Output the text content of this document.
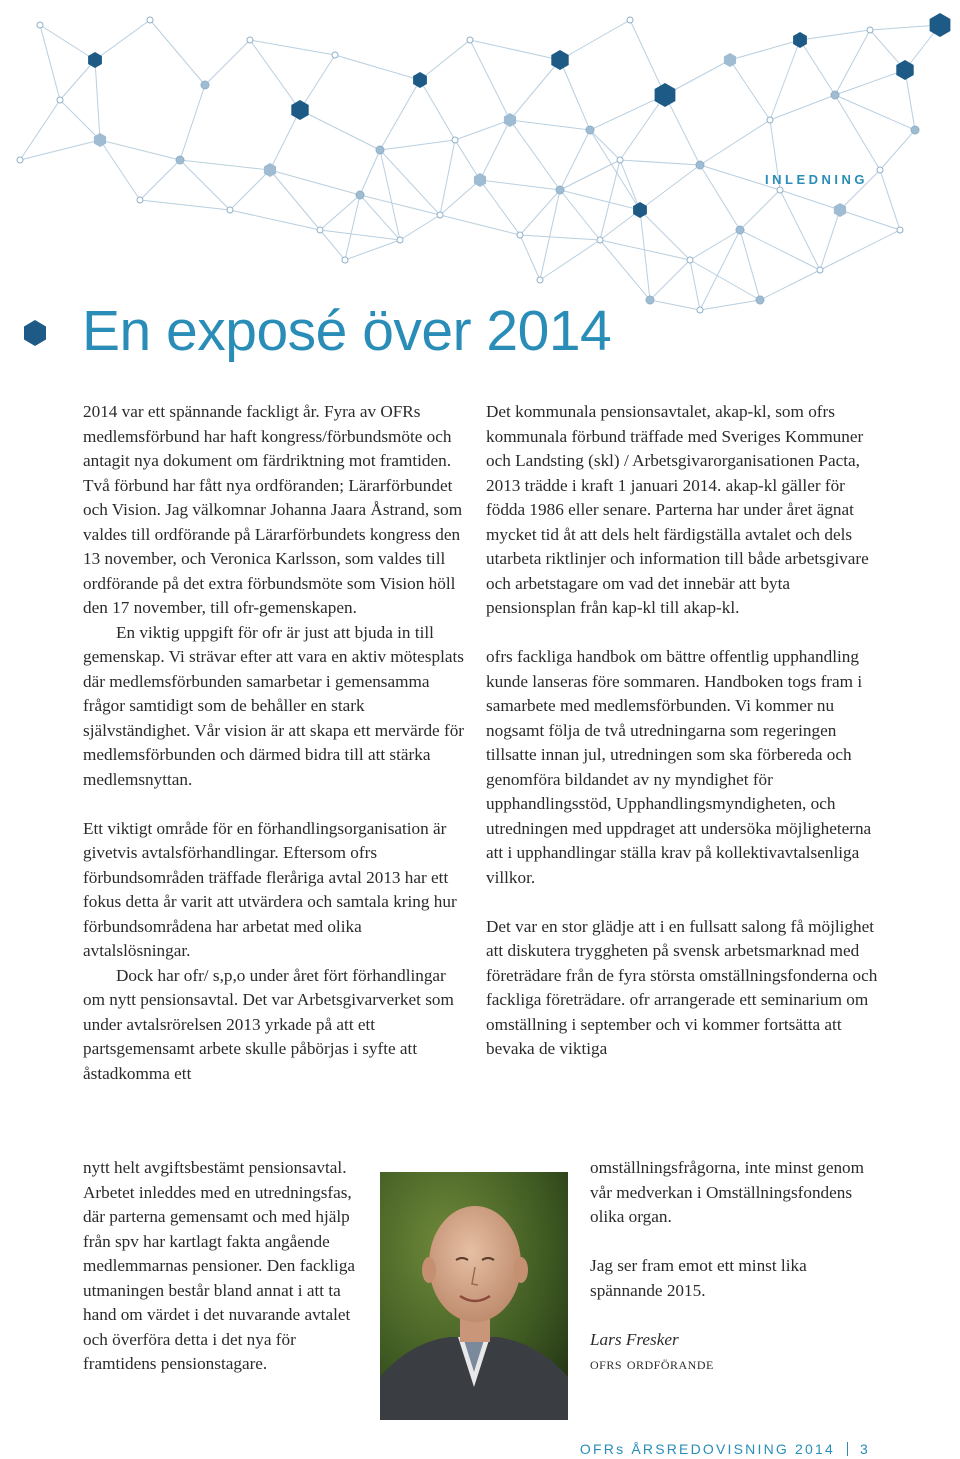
INLEDNING
En exposé över 2014

2014 var ett spännande fackligt år. Fyra av OFRs medlemsförbund har haft kongress/förbundsmöte och antagit nya dokument om färdriktning mot framtiden. Två förbund har fått nya ordföranden; Lärarförbundet och Vision. Jag välkomnar Johanna Jaara Åstrand, som valdes till ordförande på Lärarförbundets kongress den 13 november, och Veronica Karlsson, som valdes till ordförande på det extra förbundsmöte som Vision höll den 17 november, till ofr-gemenskapen.

En viktig uppgift för ofr är just att bjuda in till gemenskap. Vi strävar efter att vara en aktiv mötesplats där medlemsförbunden samarbetar i gemensamma frågor samtidigt som de behåller en stark självständighet. Vår vision är att skapa ett mervärde för medlemsförbunden och därmed bidra till att stärka medlemsnyttan.

Ett viktigt område för en förhandlingsorganisation är givetvis avtalsförhandlingar. Eftersom ofrs förbundsområden träffade fleråriga avtal 2013 har ett fokus detta år varit att utvärdera och samtala kring hur förbundsområdena har arbetat med olika avtalslösningar.

Dock har ofr/ s,p,o under året fört förhandlingar om nytt pensionsavtal. Det var Arbetsgivarverket som under avtalsrörelsen 2013 yrkade på att ett partsgemensamt arbete skulle påbörjas i syfte att åstadkomma ett

nytt helt avgiftsbestämt pensionsavtal. Arbetet inleddes med en utredningsfas, där parterna gemensamt och med hjälp från spv har kartlagt fakta angående medlemmarnas pensioner. Den fackliga utmaningen består bland annat i att ta hand om värdet i det nuvarande avtalet och överföra detta i det nya för framtidens pensionstagare.

Det kommunala pensionsavtalet, akap-kl, som ofrs kommunala förbund träffade med Sveriges Kommuner och Landsting (skl) / Arbetsgivarorganisationen Pacta, 2013 trädde i kraft 1 januari 2014. akap-kl gäller för födda 1986 eller senare. Parterna har under året ägnat mycket tid åt att dels helt färdigställa avtalet och dels utarbeta riktlinjer och information till både arbetsgivare och arbetstagare om vad det innebär att byta pensionsplan från kap-kl till akap-kl.

ofrs fackliga handbok om bättre offentlig upphandling kunde lanseras före sommaren. Handboken togs fram i samarbete med medlemsförbunden. Vi kommer nu nogsamt följa de två utredningarna som regeringen tillsatte innan jul, utredningen som ska förbereda och genomföra bildandet av ny myndighet för upphandlingsstöd, Upphandlingsmyndigheten, och utredningen med uppdraget att undersöka möjligheterna att i upphandlingar ställa krav på kollektivavtalsenliga villkor.

Det var en stor glädje att i en fullsatt salong få möjlighet att diskutera tryggheten på svensk arbetsmarknad med företrädare från de fyra största omställningsfonderna och fackliga företrädare. ofr arrangerade ett seminarium om omställning i september och vi kommer fortsätta att bevaka de viktiga

omställningsfrågorna, inte minst genom vår medverkan i Omställningsfondens olika organ.

Jag ser fram emot ett minst lika spännande 2015.

Lars Fresker

ofrs ordförande

OFRs ÅRSREDOVISNING 2014 3
